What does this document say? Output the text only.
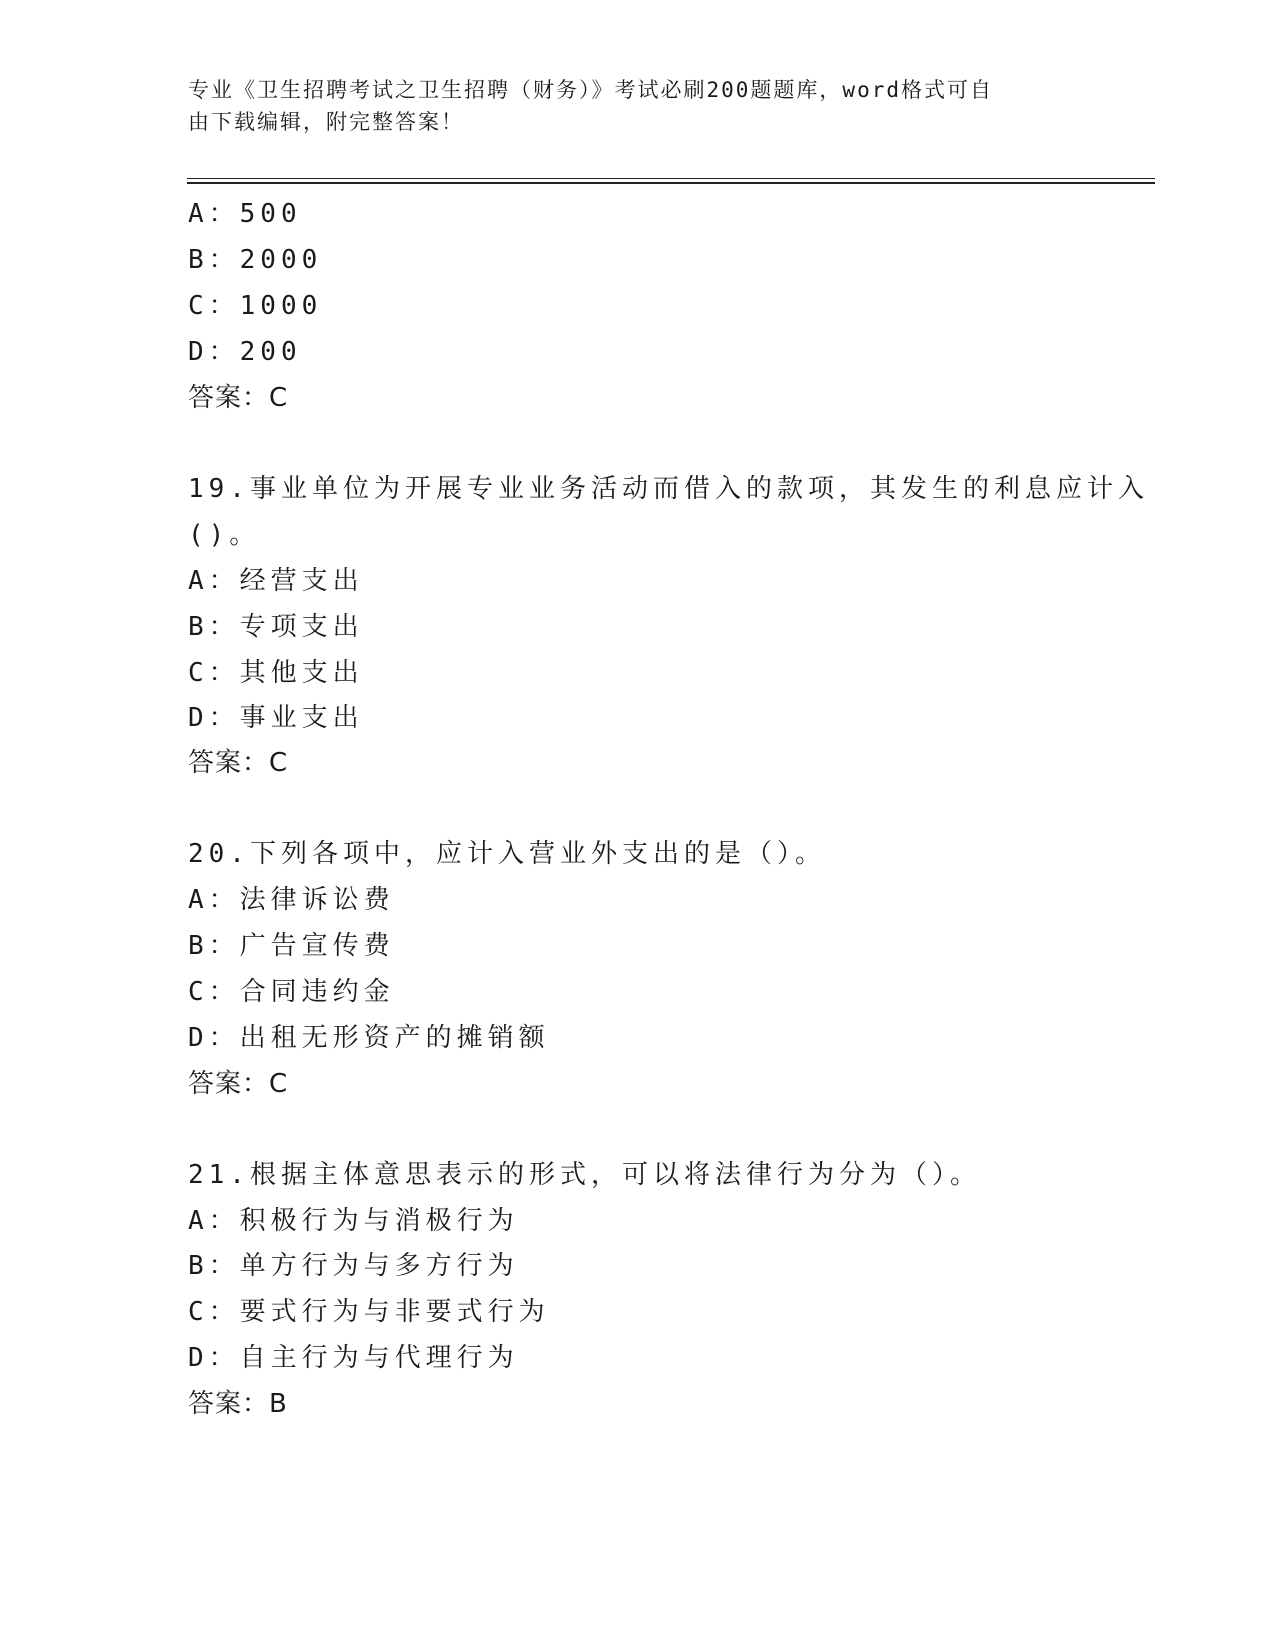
专业《卫生招聘考试之卫生招聘（财务）》考试必刷200题题库，word格式可自
由下载编辑，附完整答案！
A：500
B：2000
C：1000
D：200
答案：C
19.事业单位为开展专业业务活动而借入的款项，其发生的利息应计入
()。
A：经营支出
B：专项支出
C：其他支出
D：事业支出
答案：C
20.下列各项中，应计入营业外支出的是（）。
A：法律诉讼费
B：广告宣传费
C：合同违约金
D：出租无形资产的摊销额
答案：C
21.根据主体意思表示的形式，可以将法律行为分为（）。
A：积极行为与消极行为
B：单方行为与多方行为
C：要式行为与非要式行为
D：自主行为与代理行为
答案：B
